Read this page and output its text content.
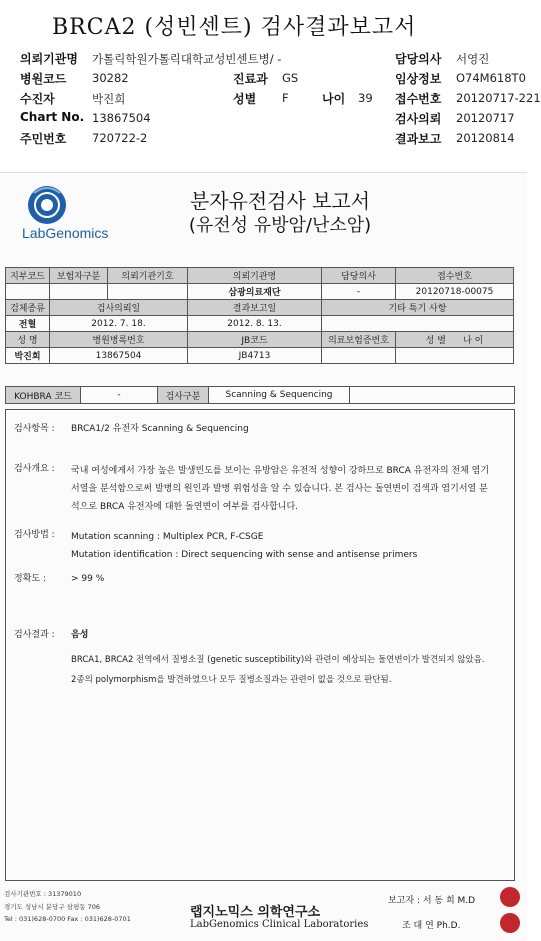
BRCA2 (성빈센트) 검사결과보고서
의뢰기관명 가톨릭학원가톨릭대학교성빈센트병/ -	담당의사 서영진
병원코드 30282	진료과 GS	임상정보 O74M618T0
수진자	박진희	성별 F	나이 39 접수번호 20120717-221
Chart No. 13867504	검사의뢰 20120717
주민번호 720722-2	결과보고 20120814
LabGenomics
분자유전검사 보고서
(유전성 유방암/난소암)
지부코드	보험자구분	의뢰기관기호	의뢰기관명	담당의사	접수번호
			삼광의료재단	-	20120718-00075
검체종류	검사의뢰일		결과보고일	기타 특기 사항	
전혈	2012. 7. 18.		2012. 8. 13.		
성 명	병원병록번호		JB코드	의료보험증번호	성 별 나 이
박진희	13867504		JB4713		
KOHBRA 코드	-	검사구분	Scanning & Sequencing
검사항목 : BRCA1/2 유전자 Scanning & Sequencing
검사개요 : 국내 여성에게서 가장 높은 발생빈도를 보이는 유방암은 유전적 성향이 강하므로 BRCA 유전자의 전체 염기
서열을 분석함으로써 발병의 원인과 발병 위험성을 알 수 있습니다. 본 검사는 돌연변이 검색과 염기서열 분
석으로 BRCA 유전자에 대한 돌연변이 여부를 검사합니다.
검사방법 : Mutation scanning : Multiplex PCR, F-CSGE
Mutation identification : Direct sequencing with sense and antisense primers
정확도 :	> 99 %
검사결과 : 음성
BRCA1, BRCA2 전역에서 질병소질 (genetic susceptibility)와 관련이 예상되는 돌연변이가 발견되지 않았음.
2종의 polymorphism을 발견하였으나 모두 질병소질과는 관련이 없을 것으로 판단됨.
검사기관번호 : 31379010
경기도 성남시 분당구 삼평동 706
Tel : 031)628-0700 Fax : 031)628-0701	랩지노믹스 의학연구소
LabGenomics Clinical Laboratories
보고자 : 서 동 희 M.D
조 대 연 Ph.D.
